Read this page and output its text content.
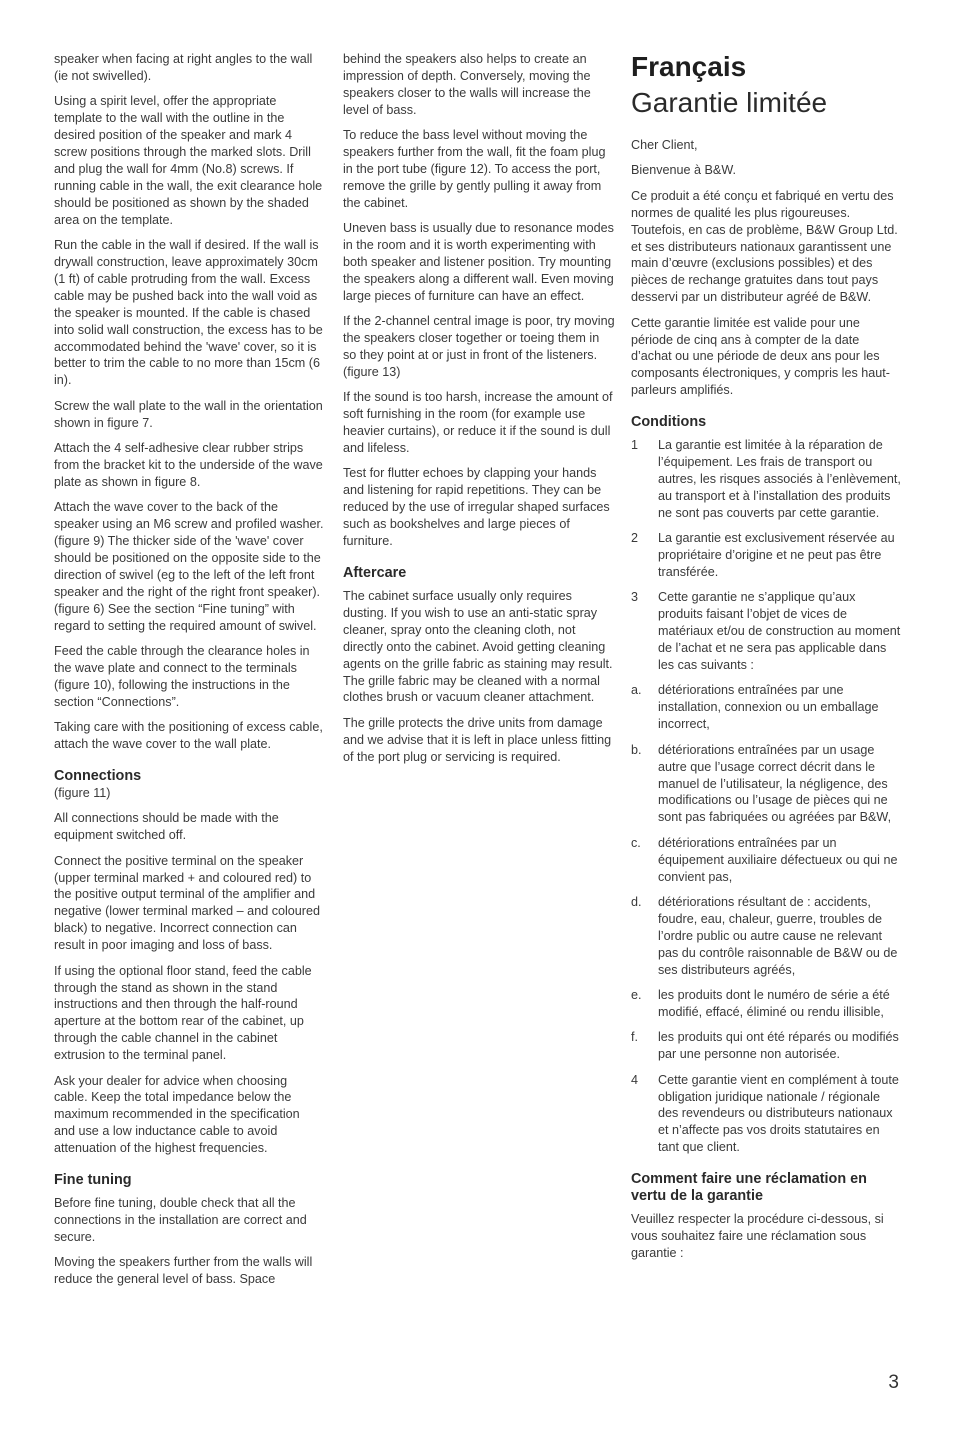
speaker when facing at right angles to the wall (ie not swivelled).

Using a spirit level, offer the appropriate template to the wall with the outline in the desired position of the speaker and mark 4 screw positions through the marked slots. Drill and plug the wall for 4mm (No.8) screws. If running cable in the wall, the exit clearance hole should be positioned as shown by the shaded area on the template.

Run the cable in the wall if desired. If the wall is drywall construction, leave approximately 30cm (1 ft) of cable protruding from the wall. Excess cable may be pushed back into the wall void as the speaker is mounted. If the cable is chased into solid wall construction, the excess has to be accommodated behind the 'wave' cover, so it is better to trim the cable to no more than 15cm (6 in).

Screw the wall plate to the wall in the orientation shown in figure 7.

Attach the 4 self-adhesive clear rubber strips from the bracket kit to the underside of the wave plate as shown in figure 8.

Attach the wave cover to the back of the speaker using an M6 screw and profiled washer. (figure 9) The thicker side of the 'wave' cover should be positioned on the opposite side to the direction of swivel (eg to the left of the left front speaker and the right of the right front speaker). (figure 6) See the section “Fine tuning” with regard to setting the required amount of swivel.

Feed the cable through the clearance holes in the wave plate and connect to the terminals (figure 10), following the instructions in the section “Connections”.

Taking care with the positioning of excess cable, attach the wave cover to the wall plate.

Connections
(figure 11)

All connections should be made with the equipment switched off.

Connect the positive terminal on the speaker (upper terminal marked + and coloured red) to the positive output terminal of the amplifier and negative (lower terminal marked – and coloured black) to negative. Incorrect connection can result in poor imaging and loss of bass.

If using the optional floor stand, feed the cable through the stand as shown in the stand instructions and then through the half-round aperture at the bottom rear of the cabinet, up through the cable channel in the cabinet extrusion to the terminal panel.

Ask your dealer for advice when choosing cable. Keep the total impedance below the maximum recommended in the specification and use a low inductance cable to avoid attenuation of the highest frequencies.

Fine tuning

Before fine tuning, double check that all the connections in the installation are correct and secure.

Moving the speakers further from the walls will reduce the general level of bass. Space

behind the speakers also helps to create an impression of depth. Conversely, moving the speakers closer to the walls will increase the level of bass.

To reduce the bass level without moving the speakers further from the wall, fit the foam plug in the port tube (figure 12). To access the port, remove the grille by gently pulling it away from the cabinet.

Uneven bass is usually due to resonance modes in the room and it is worth experimenting with both speaker and listener position. Try mounting the speakers along a different wall. Even moving large pieces of furniture can have an effect.

If the 2-channel central image is poor, try moving the speakers closer together or toeing them in so they point at or just in front of the listeners. (figure 13)

If the sound is too harsh, increase the amount of soft furnishing in the room (for example use heavier curtains), or reduce it if the sound is dull and lifeless.

Test for flutter echoes by clapping your hands and listening for rapid repetitions. They can be reduced by the use of irregular shaped surfaces such as bookshelves and large pieces of furniture.

Aftercare

The cabinet surface usually only requires dusting. If you wish to use an anti-static spray cleaner, spray onto the cleaning cloth, not directly onto the cabinet. Avoid getting cleaning agents on the grille fabric as staining may result. The grille fabric may be cleaned with a normal clothes brush or vacuum cleaner attachment.

The grille protects the drive units from damage and we advise that it is left in place unless fitting of the port plug or servicing is required.

Français
Garantie limitée

Cher Client,

Bienvenue à B&W.

Ce produit a été conçu et fabriqué en vertu des normes de qualité les plus rigoureuses. Toutefois, en cas de problème, B&W Group Ltd. et ses distributeurs nationaux garantissent une main d’œuvre (exclusions possibles) et des pièces de rechange gratuites dans tout pays desservi par un distributeur agréé de B&W.

Cette garantie limitée est valide pour une période de cinq ans à compter de la date d’achat ou une période de deux ans pour les composants électroniques, y compris les haut-parleurs amplifiés.

Conditions
1	La garantie est limitée à la réparation de l’équipement. Les frais de transport ou autres, les risques associés à l’enlèvement, au transport et à l’installation des produits ne sont pas couverts par cette garantie.
2	La garantie est exclusivement réservée au propriétaire d’origine et ne peut pas être transférée.
3	Cette garantie ne s’applique qu’aux produits faisant l’objet de vices de matériaux et/ou de construction au moment de l’achat et ne sera pas applicable dans les cas suivants :
a.	détériorations entraînées par une installation, connexion ou un emballage incorrect,
b.	détériorations entraînées par un usage autre que l’usage correct décrit dans le manuel de l’utilisateur, la négligence, des modifications ou l’usage de pièces qui ne sont pas fabriquées ou agréées par B&W,
c.	détériorations entraînées par un équipement auxiliaire défectueux ou qui ne convient pas,
d.	détériorations résultant de : accidents, foudre, eau, chaleur, guerre, troubles de l’ordre public ou autre cause ne relevant pas du contrôle raisonnable de B&W ou de ses distributeurs agréés,
e.	les produits dont le numéro de série a été modifié, effacé, éliminé ou rendu illisible,
f.	les produits qui ont été réparés ou modifiés par une personne non autorisée.
4	Cette garantie vient en complément à toute obligation juridique nationale / régionale des revendeurs ou distributeurs nationaux et n’affecte pas vos droits statutaires en tant que client.
Comment faire une réclamation en vertu de la garantie

Veuillez respecter la procédure ci-dessous, si vous souhaitez faire une réclamation sous garantie :

3
